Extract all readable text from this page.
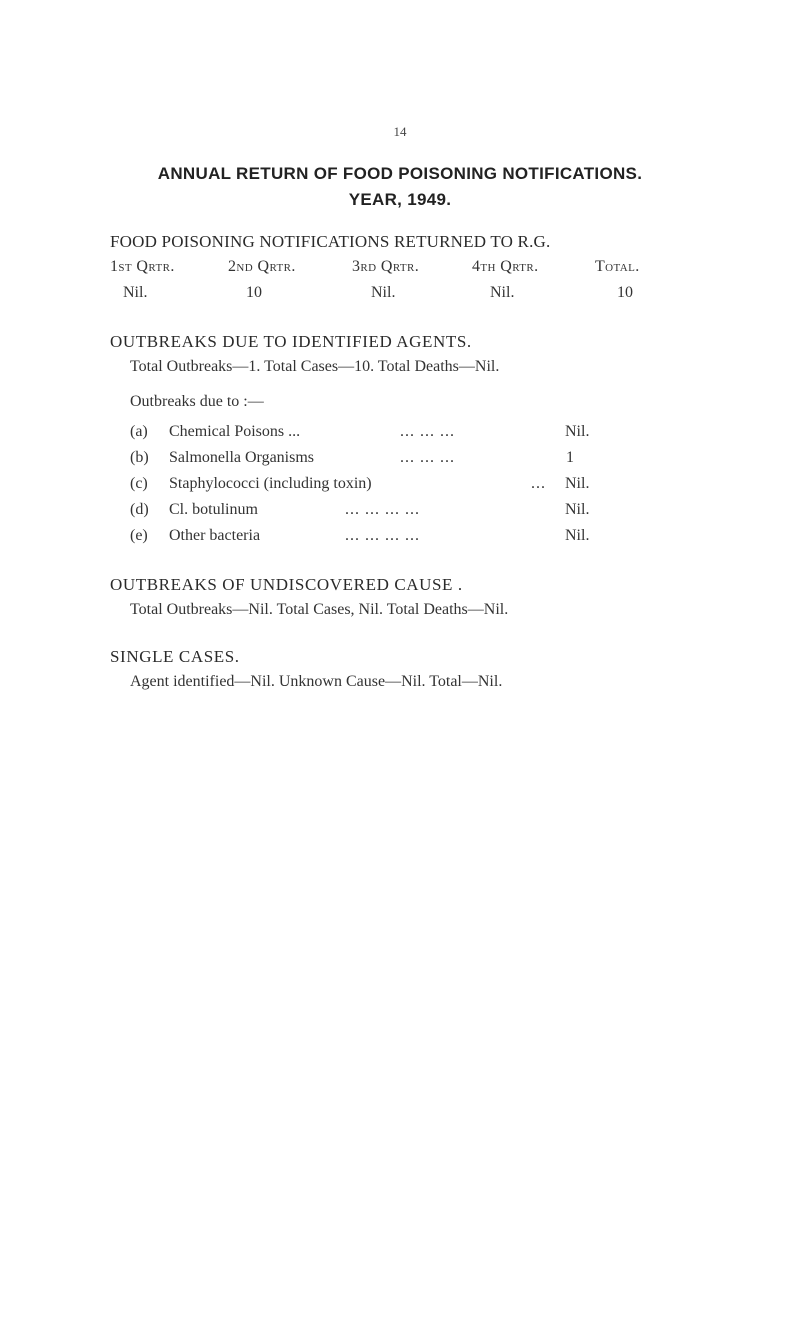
14
ANNUAL RETURN OF FOOD POISONING NOTIFICATIONS.
YEAR, 1949.
FOOD POISONING NOTIFICATIONS RETURNED TO R.G.
1st Qrtr.	2nd Qrtr.	3rd Qrtr.	4th Qrtr.	Total.
Nil.	10	Nil.	Nil.	10
OUTBREAKS DUE TO IDENTIFIED AGENTS.
Total Outbreaks—1. Total Cases—10. Total Deaths—Nil.
Outbreaks due to :—
(a) Chemical Poisons ...	... ... ...	Nil.
(b) Salmonella Organisms	... ... ...	1
(c) Staphylococci (including toxin)	... Nil.
(d) Cl. botulinum	... ... ... ...	Nil.
(e) Other bacteria	... ... ... ...	Nil.
OUTBREAKS OF UNDISCOVERED CAUSE .
Total Outbreaks—Nil. Total Cases, Nil. Total Deaths—Nil.
SINGLE CASES.
Agent identified—Nil. Unknown Cause—Nil. Total—Nil.
